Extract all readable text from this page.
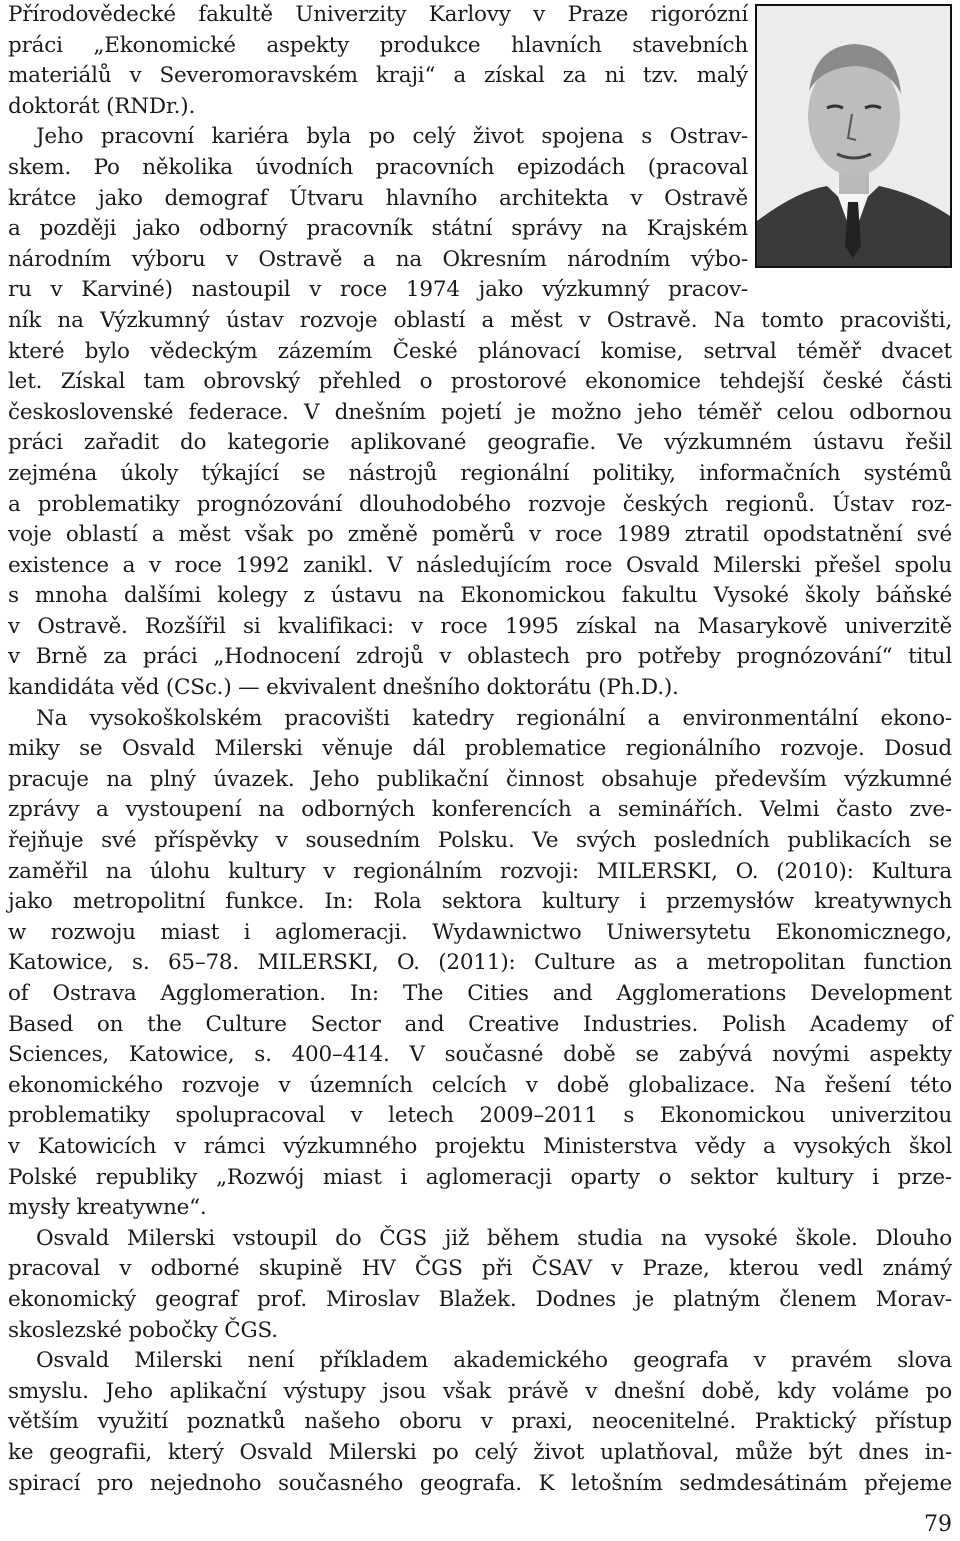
Přírodovědecké fakultě Univerzity Karlovy v Praze rigorózní
práci „Ekonomické aspekty produkce hlavních stavebních
materiálů v Severomoravském kraji“ a získal za ni tzv. malý
doktorát (RNDr.).
Jeho pracovní kariéra byla po celý život spojena s Ostrav-
skem. Po několika úvodních pracovních epizodách (pracoval
krátce jako demograf Útvaru hlavního architekta v Ostravě
a později jako odborný pracovník státní správy na Krajském
národním výboru v Ostravě a na Okresním národním výbo-
ru v Karviné) nastoupil v roce 1974 jako výzkumný pracov-
ník na Výzkumný ústav rozvoje oblastí a měst v Ostravě. Na tomto pracovišti,
které bylo vědeckým zázemím České plánovací komise, setrval téměř dvacet
let. Získal tam obrovský přehled o prostorové ekonomice tehdejší české části
československé federace. V dnešním pojetí je možno jeho téměř celou odbornou
práci zařadit do kategorie aplikované geografie. Ve výzkumném ústavu řešil
zejména úkoly týkající se nástrojů regionální politiky, informačních systémů
a problematiky prognózování dlouhodobého rozvoje českých regionů. Ústav roz-
voje oblastí a měst však po změně poměrů v roce 1989 ztratil opodstatnění své
existence a v roce 1992 zanikl. V následujícím roce Osvald Milerski přešel spolu
s mnoha dalšími kolegy z ústavu na Ekonomickou fakultu Vysoké školy báňské
v Ostravě. Rozšířil si kvalifikaci: v roce 1995 získal na Masarykově univerzitě
v Brně za práci „Hodnocení zdrojů v oblastech pro potřeby prognózování“ titul
kandidáta věd (CSc.) — ekvivalent dnešního doktorátu (Ph.D.).
Na vysokoškolském pracovišti katedry regionální a environmentální ekono-
miky se Osvald Milerski věnuje dál problematice regionálního rozvoje. Dosud
pracuje na plný úvazek. Jeho publikační činnost obsahuje především výzkumné
zprávy a vystoupení na odborných konferencích a seminářích. Velmi často zve-
řejňuje své příspěvky v sousedním Polsku. Ve svých posledních publikacích se
zaměřil na úlohu kultury v regionálním rozvoji: MILERSKI, O. (2010): Kultura
jako metropolitní funkce. In: Rola sektora kultury i przemysłów kreatywnych
w rozwoju miast i aglomeracji. Wydawnictwo Uniwersytetu Ekonomicznego,
Katowice, s. 65–78. MILERSKI, O. (2011): Culture as a metropolitan function
of Ostrava Agglomeration. In: The Cities and Agglomerations Development
Based on the Culture Sector and Creative Industries. Polish Academy of
Sciences, Katowice, s. 400–414. V současné době se zabývá novými aspekty
ekonomického rozvoje v územních celcích v době globalizace. Na řešení této
problematiky spolupracoval v letech 2009–2011 s Ekonomickou univerzitou
v Katowicích v rámci výzkumného projektu Ministerstva vědy a vysokých škol
Polské republiky „Rozwój miast i aglomeracji oparty o sektor kultury i prze-
mysły kreatywne“.
Osvald Milerski vstoupil do ČGS již během studia na vysoké škole. Dlouho
pracoval v odborné skupině HV ČGS při ČSAV v Praze, kterou vedl známý
ekonomický geograf prof. Miroslav Blažek. Dodnes je platným členem Morav-
skoslezské pobočky ČGS.
Osvald Milerski není příkladem akademického geografa v pravém slova
smyslu. Jeho aplikační výstupy jsou však právě v dnešní době, kdy voláme po
větším využití poznatků našeho oboru v praxi, neocenitelné. Praktický přístup
ke geografii, který Osvald Milerski po celý život uplatňoval, může být dnes in-
spirací pro nejednoho současného geografa. K letošním sedmdesátinám přejeme
79
